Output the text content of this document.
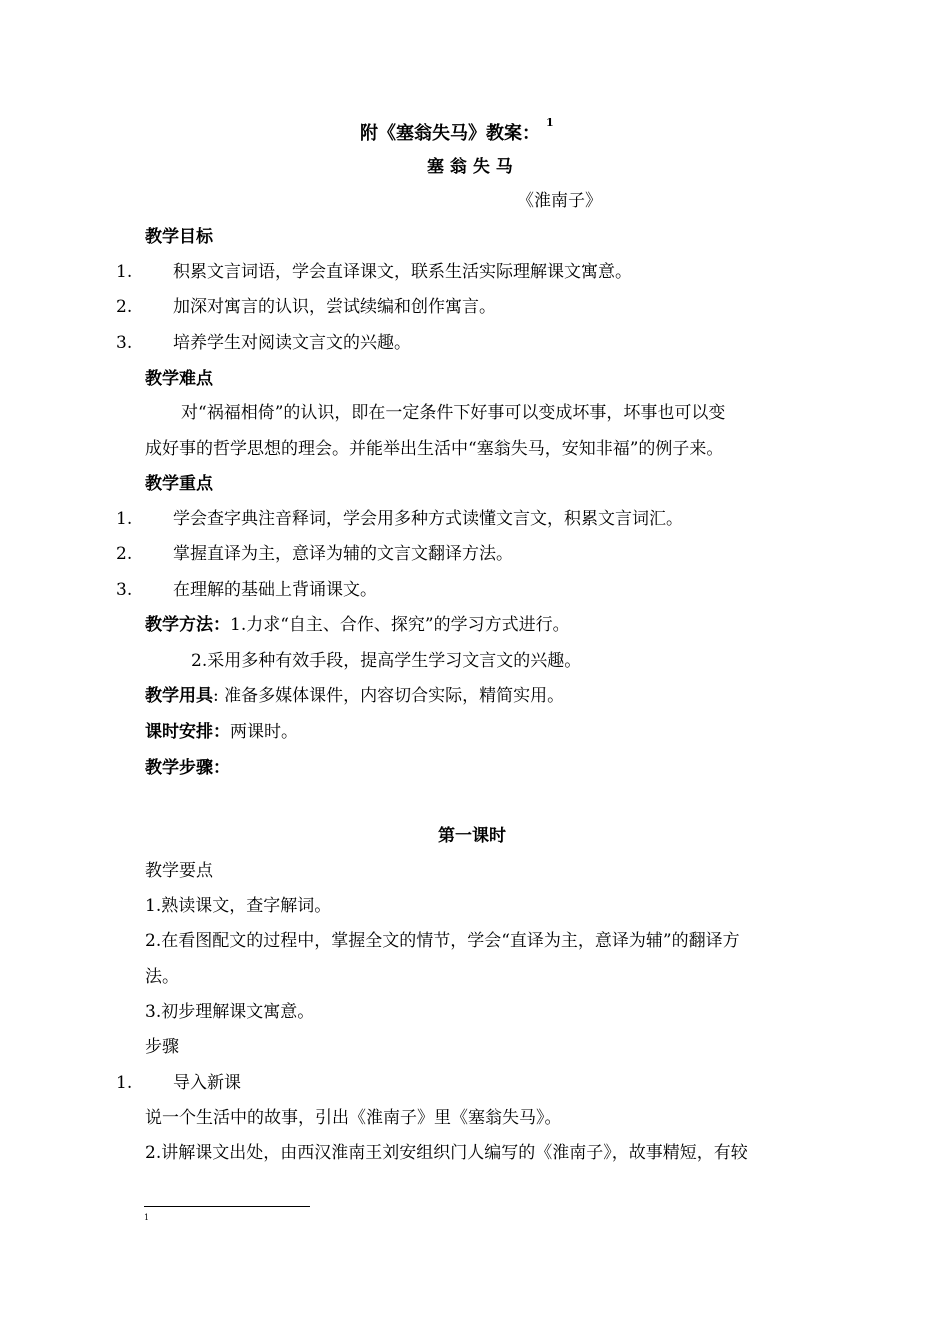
附《塞翁失马》教案：$^1$
塞 翁 失 马
《淮南子》
教学目标
1. 积累文言词语，学会直译课文，联系生活实际理解课文寓意。
2. 加深对寓言的认识，尝试续编和创作寓言。
3. 培养学生对阅读文言文的兴趣。
教学难点
对“祸福相倚”的认识，即在一定条件下好事可以变成坏事，坏事也可以变
成好事的哲学思想的理会。并能举出生活中“塞翁失马，安知非福”的例子来。
教学重点
1. 学会查字典注音释词，学会用多种方式读懂文言文，积累文言词汇。
2. 掌握直译为主，意译为辅的文言文翻译方法。
3. 在理解的基础上背诵课文。
教学方法：1.力求“自主、合作、探究”的学习方式进行。
2.采用多种有效手段，提高学生学习文言文的兴趣。
教学用具: 准备多媒体课件，内容切合实际，精简实用。
课时安排：两课时。
教学步骤：
第一课时
教学要点
1.熟读课文，查字解词。
2.在看图配文的过程中，掌握全文的情节，学会“直译为主，意译为辅”的翻译方
法。
3.初步理解课文寓意。
步骤
1. 导入新课
说一个生活中的故事，引出《淮南子》里《塞翁失马》。
2.讲解课文出处，由西汉淮南王刘安组织门人编写的《淮南子》，故事精短，有较
1
